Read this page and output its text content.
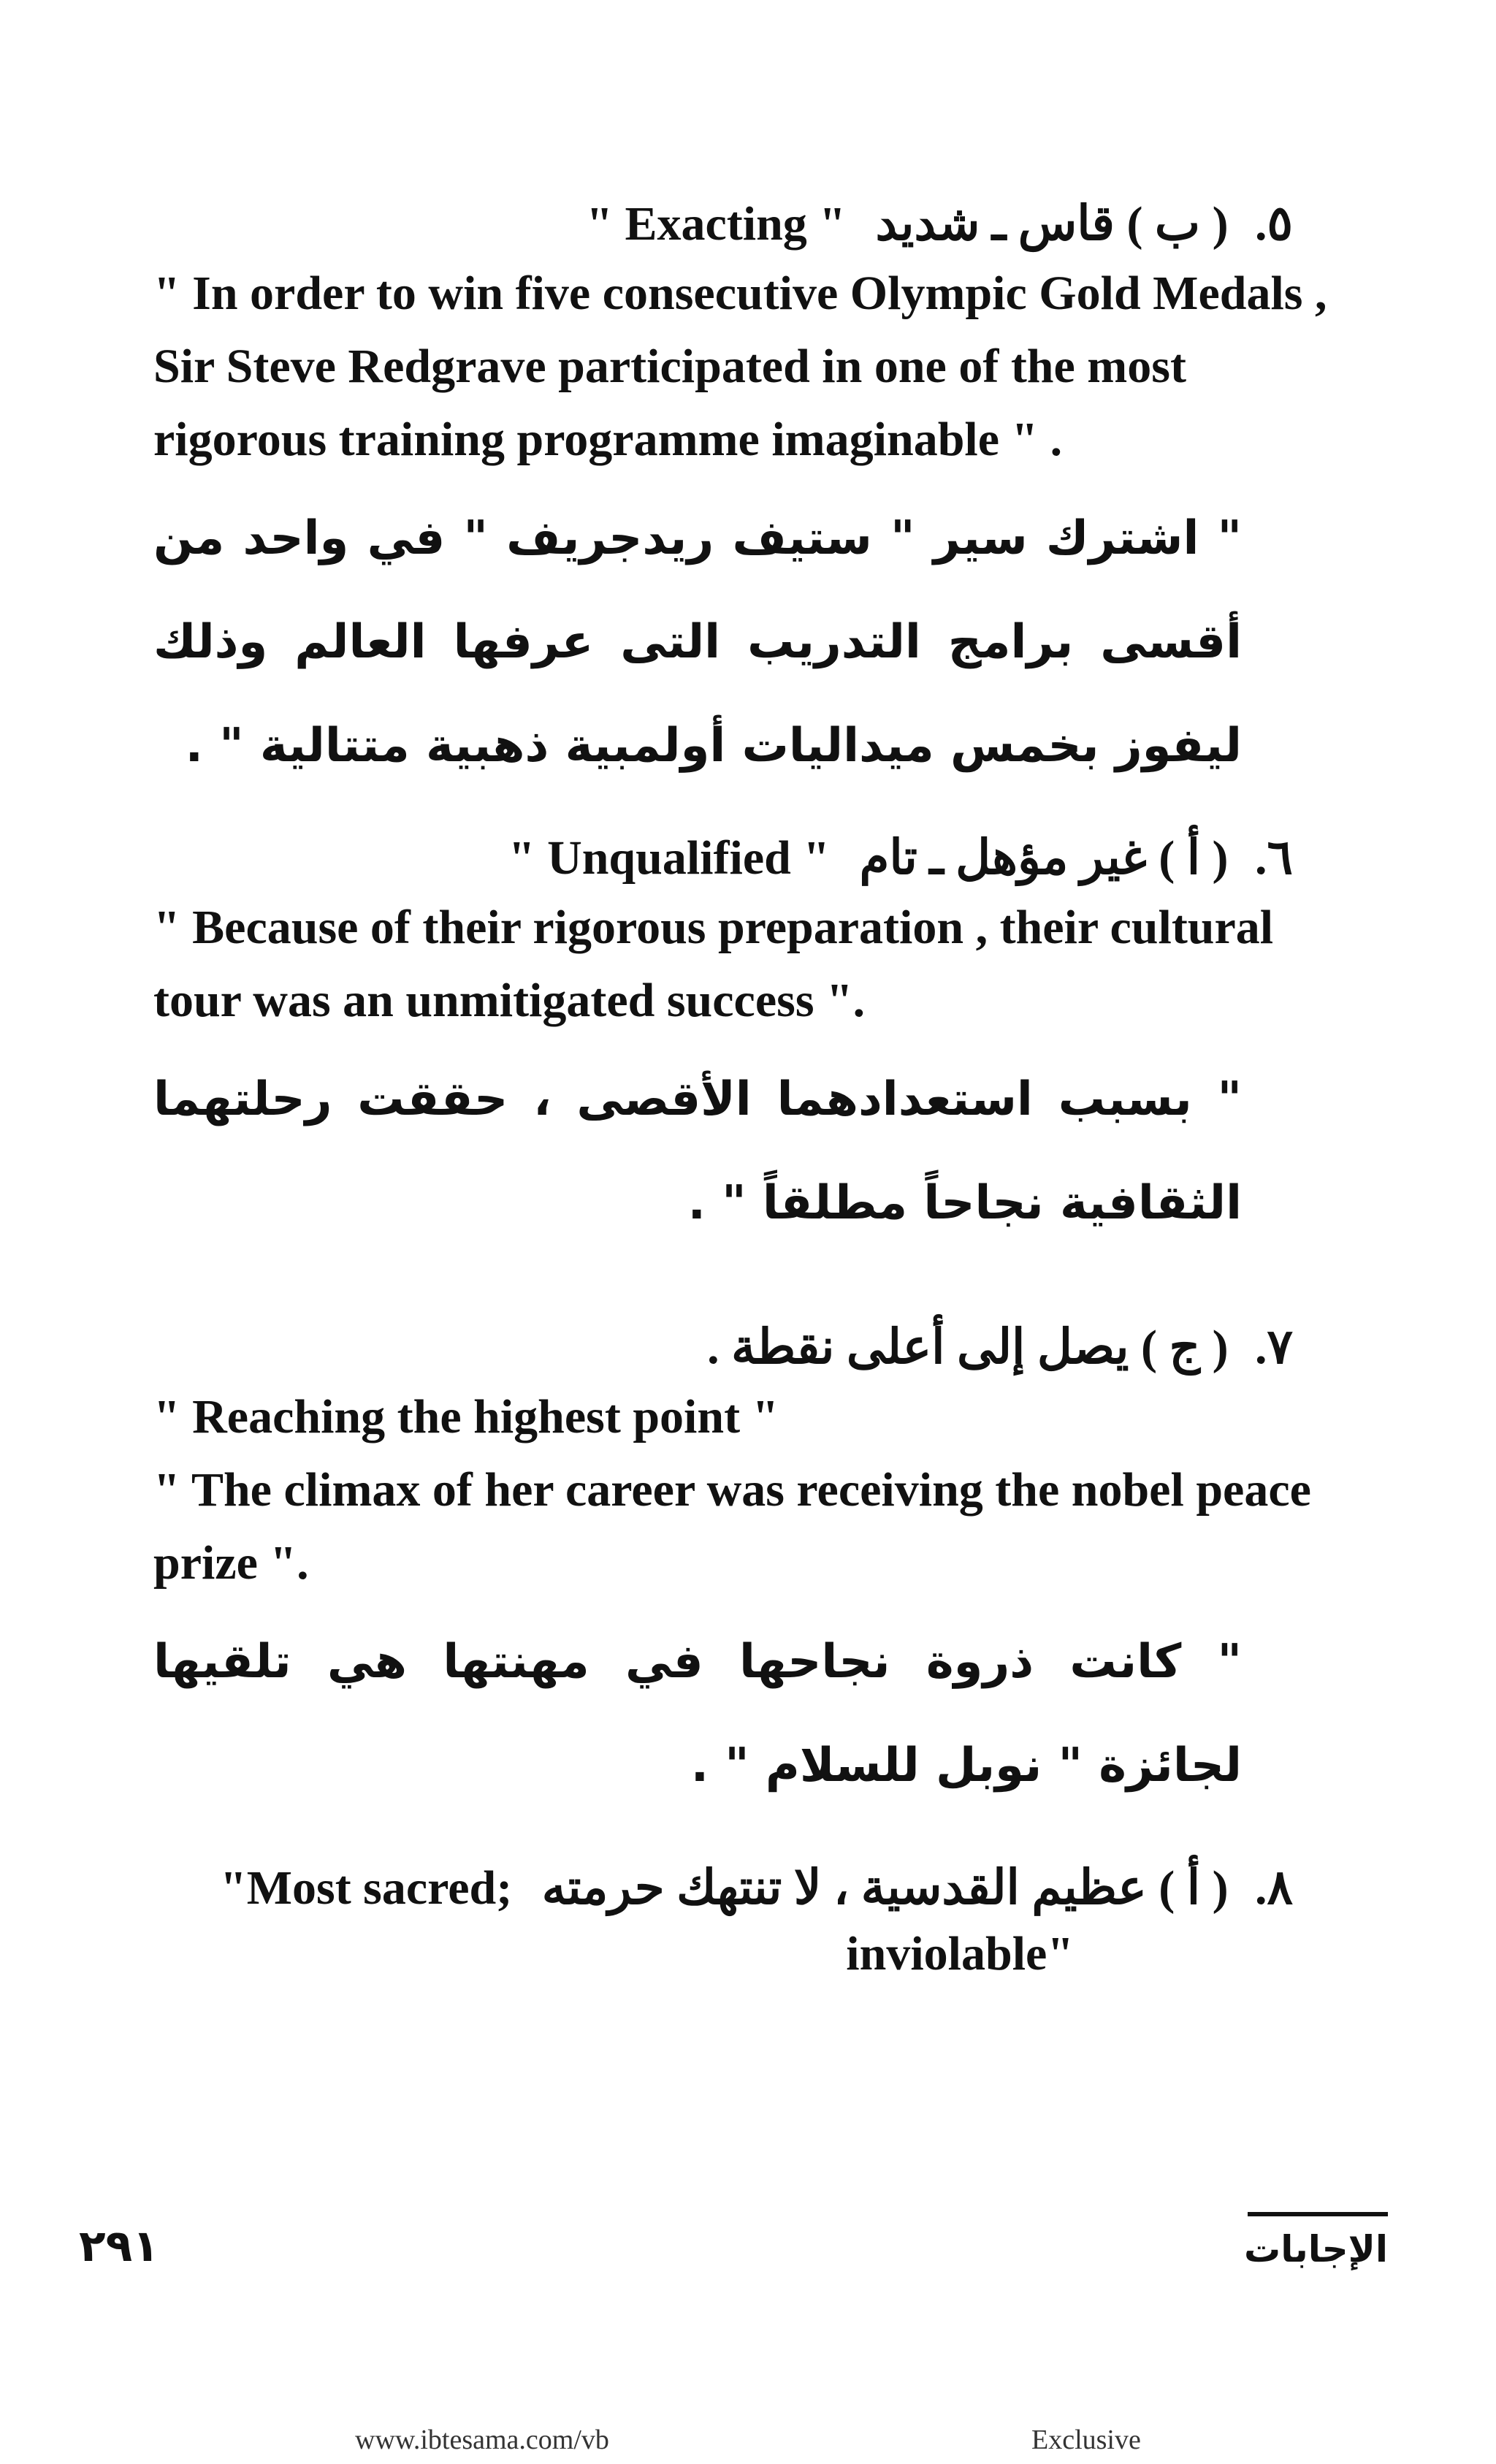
٥. ( ب ) قاس ـ شديد " Exacting "
" In order to win five consecutive Olympic Gold Medals ,
Sir Steve Redgrave participated in one of the most
rigorous training programme imaginable " .
" اشترك سير " ستيف ريدجريف " في واحد من أقسى برامج التدريب التى عرفها العالم وذلك ليفوز بخمس ميداليات أولمبية ذهبية متتالية " .
٦. ( أ ) غير مؤهل ـ تام " Unqualified "
" Because of their rigorous preparation , their cultural
tour was an unmitigated success ".
" بسبب استعدادهما الأقصى ، حققت رحلتهما الثقافية نجاحاً مطلقاً " .
٧. ( ج ) يصل إلى أعلى نقطة .
" Reaching the highest point "
" The climax of her career was receiving the nobel peace
prize ".
" كانت ذروة نجاحها في مهنتها هي تلقيها لجائزة " نوبل للسلام " .
٨. ( أ ) عظيم القدسية ، لا تنتهك حرمته "Most sacred;
inviolable"
٢٩١	الإجابات
www.ibtesama.com/vb	Exclusive
